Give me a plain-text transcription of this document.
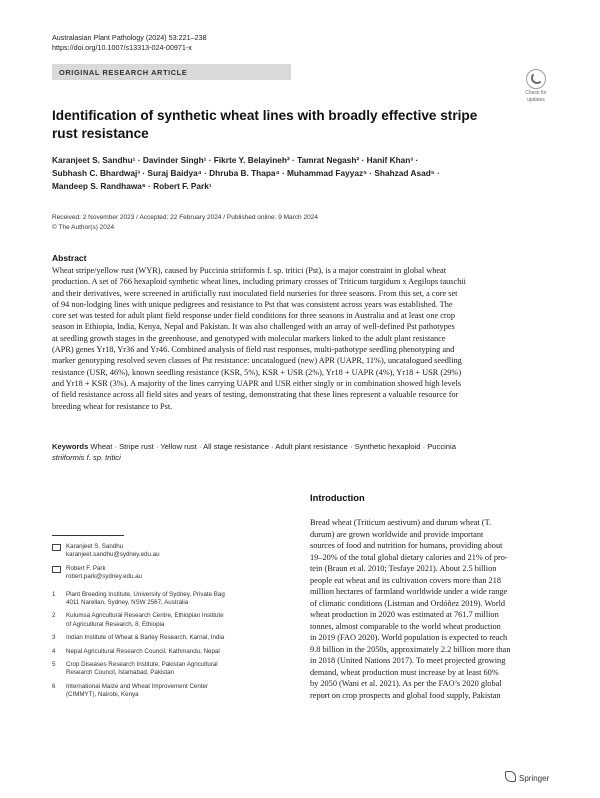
Australasian Plant Pathology (2024) 53:221–238
https://doi.org/10.1007/s13313-024-00971-x
ORIGINAL RESEARCH ARTICLE
Check for
updates
Identification of synthetic wheat lines with broadly effective stripe
rust resistance
Karanjeet S. Sandhu¹ · Davinder Singh¹ · Fikrte Y. Belayineh² · Tamrat Negash² · Hanif Khan³ ·
Subhash C. Bhardwaj³ · Suraj Baidya⁴ · Dhruba B. Thapa⁴ · Muhammad Fayyaz⁵ · Shahzad Asad⁵ ·
Mandeep S. Randhawa⁶ · Robert F. Park¹
Received: 2 November 2023 / Accepted: 22 February 2024 / Published online: 9 March 2024
© The Author(s) 2024
Abstract
Wheat stripe/yellow rust (WYR), caused by Puccinia striiformis f. sp. tritici (Pst), is a major constraint in global wheat
production. A set of 766 hexaploid synthetic wheat lines, including primary crosses of Triticum turgidum x Aegilops tauschii
and their derivatives, were screened in artificially rust inoculated field nurseries for three seasons. From this set, a core set
of 94 non-lodging lines with unique pedigrees and resistance to Pst that was consistent across years was established. The
core set was tested for adult plant field response under field conditions for three seasons in Australia and at least one crop
season in Ethiopia, India, Kenya, Nepal and Pakistan. It was also challenged with an array of well-defined Pst pathotypes
at seedling growth stages in the greenhouse, and genotyped with molecular markers linked to the adult plant resistance
(APR) genes Yr18, Yr36 and Yr46. Combined analysis of field rust responses, multi-pathotype seedling phenotyping and
marker genotyping resolved seven classes of Pst resistance: uncatalogued (new) APR (UAPR, 11%), uncatalogued seedling
resistance (USR, 46%), known seedling resistance (KSR, 5%), KSR + USR (2%), Yr18 + UAPR (4%), Yr18 + USR (29%)
and Yr18 + KSR (3%). A majority of the lines carrying UAPR and USR either singly or in combination showed high levels
of field resistance across all field sites and years of testing, demonstrating that these lines represent a valuable resource for
breeding wheat for resistance to Pst.
Keywords Wheat · Stripe rust · Yellow rust · All stage resistance · Adult plant resistance · Synthetic hexaploid · Puccinia
striiformis f. sp. tritici
Introduction
Bread wheat (Triticum aestivum) and durum wheat (T.
durum) are grown worldwide and provide important
sources of food and nutrition for humans, providing about
19–20% of the total global dietary calories and 21% of pro-
tein (Braun et al. 2010; Tesfaye 2021). About 2.5 billion
people eat wheat and its cultivation covers more than 218
million hectares of farmland worldwide under a wide range
of climatic conditions (Listman and Ordóñez 2019). World
wheat production in 2020 was estimated at 761.7 million
tonnes, almost comparable to the world wheat production
in 2019 (FAO 2020). World population is expected to reach
9.8 billion in the 2050s, approximately 2.2 billion more than
in 2018 (United Nations 2017). To meet projected growing
demand, wheat production must increase by at least 60%
by 2050 (Wani et al. 2021). As per the FAO’s 2020 global
report on crop prospects and global food supply, Pakistan
Karanjeet S. Sandhu
karanjeet.sandhu@sydney.edu.au
Robert F. Park
robert.park@sydney.edu.au
1	Plant Breeding Institute, University of Sydney, Private Bag
4011 Narellan, Sydney, NSW 2567, Australia
2	Kulumsa Agricultural Research Centre, Ethiopian Institute
of Agricultural Research, 8, Ethiopia
3	Indian Institute of Wheat & Barley Research, Karnal, India
4	Nepal Agricultural Research Council, Kathmandu, Nepal
5	Crop Diseases Research Institute, Pakistan Agricultural
Research Council, Islamabad, Pakistan
6	International Maize and Wheat Improvement Center
(CIMMYT), Nairobi, Kenya
Springer
